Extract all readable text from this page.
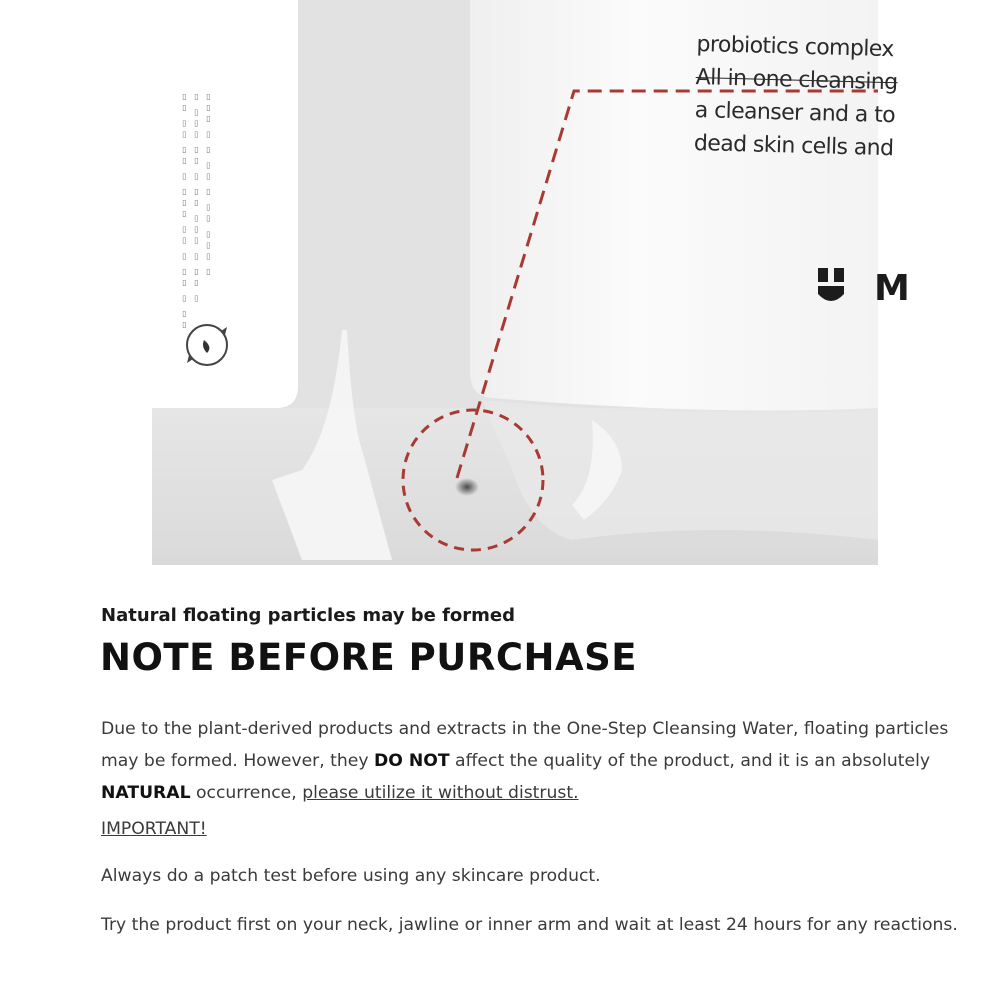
▯▯ ▯▯ ▯▯ ▯ ▯▯▯ ▯▯ ▯ ▯▯ ▯ ▯▯ ▯ ▯▯▯ ▯▯ ▯ ▯▯ ▯▯▯ ▯ ▯▯ ▯ ▯▯▯ ▯ ▯ ▯▯ ▯ ▯▯ ▯▯▯ ▯
probiotics complex
All in one cleansing
a cleanser and a to
dead skin cells and
M
Natural floating particles may be formed
NOTE BEFORE PURCHASE
Due to the plant-derived products and extracts in the One-Step Cleansing Water, floating particles may be formed. However, they DO NOT affect the quality of the product, and it is an absolutely NATURAL occurrence, please utilize it without distrust.
IMPORTANT!
Always do a patch test before using any skincare product.
Try the product first on your neck, jawline or inner arm and wait at least 24 hours for any reactions.
